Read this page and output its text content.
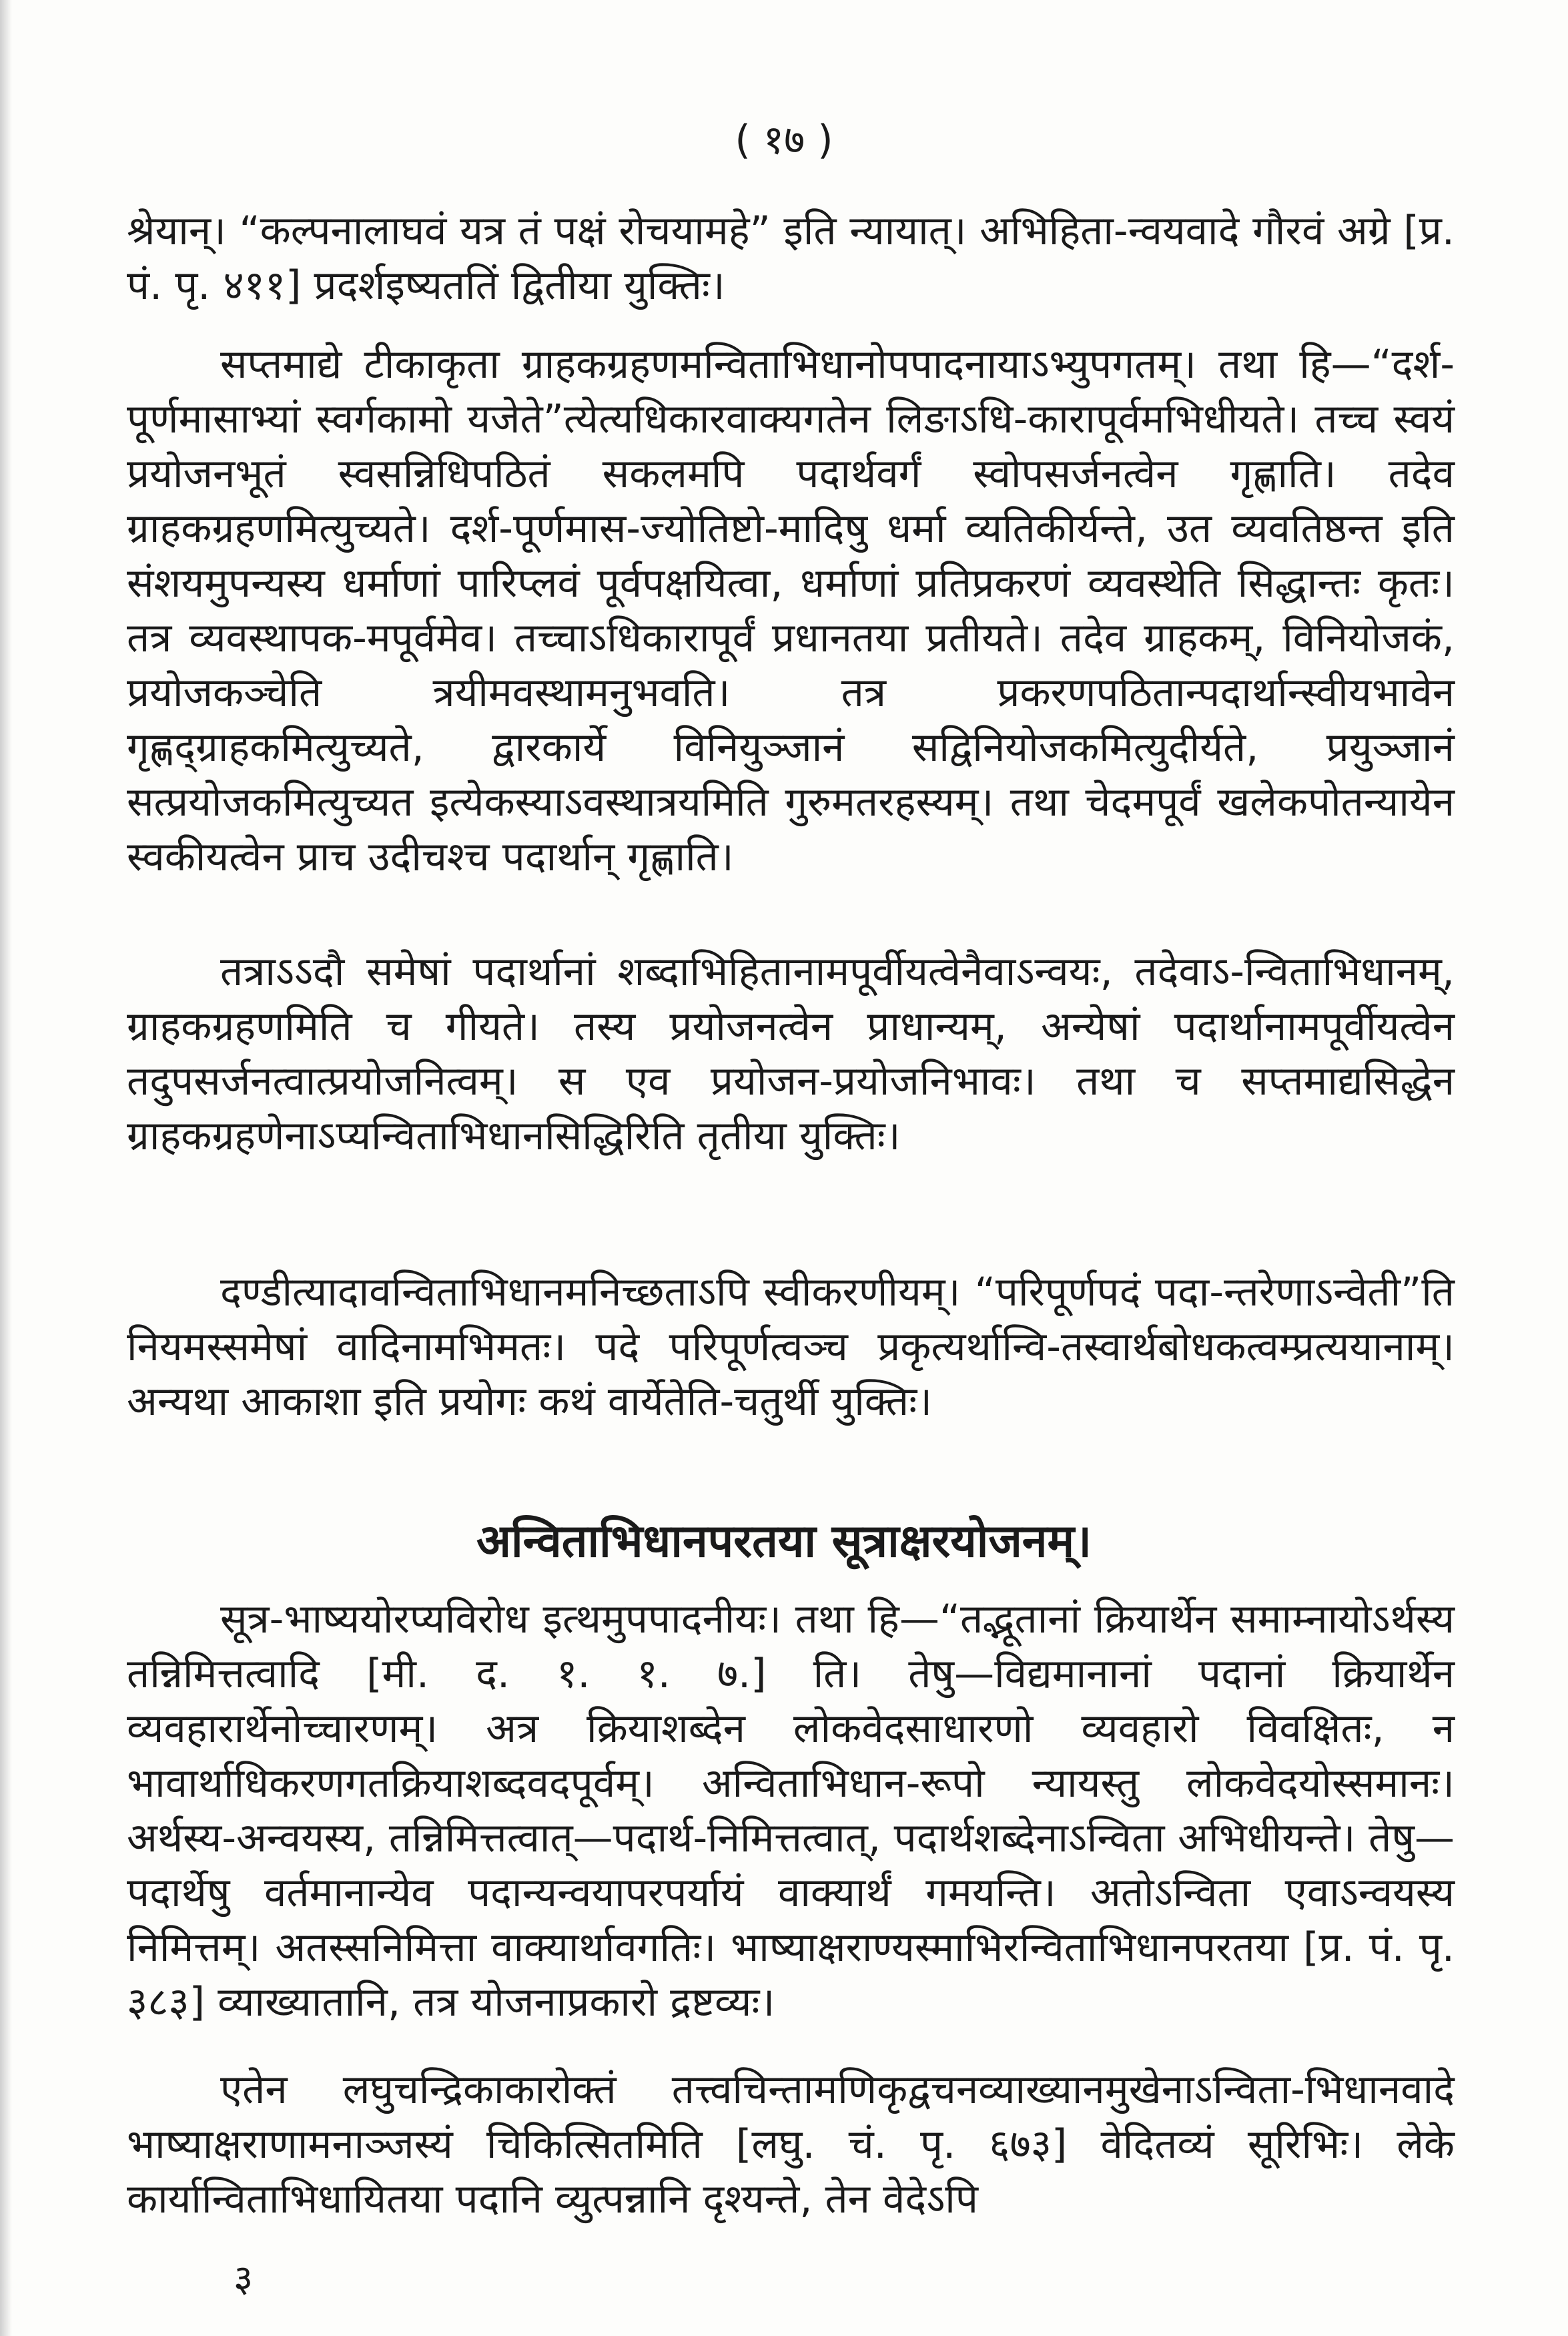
( १७ )

श्रेयान्। “कल्पनालाघवं यत्र तं पक्षं रोचयामहे” इति न्यायात्। अभिहिता-न्वयवादे गौरवं अग्रे [प्र. पं. पृ. ४११] प्रदर्शइष्यततिं द्वितीया युक्तिः।

सप्तमाद्ये टीकाकृता ग्राहकग्रहणमन्विताभिधानोपपादनायाऽभ्युपगतम्। तथा हि—“दर्श-पूर्णमासाभ्यां स्वर्गकामो यजेते”त्येत्यधिकारवाक्यगतेन लिङाऽधि-कारापूर्वमभिधीयते। तच्च स्वयं प्रयोजनभूतं स्वसन्निधिपठितं सकलमपि पदार्थवर्गं स्वोपसर्जनत्वेन गृह्णाति। तदेव ग्राहकग्रहणमित्युच्यते। दर्श-पूर्णमास-ज्योतिष्टो-मादिषु धर्मा व्यतिकीर्यन्ते, उत व्यवतिष्ठन्त इति संशयमुपन्यस्य धर्माणां पारिप्लवं पूर्वपक्षयित्वा, धर्माणां प्रतिप्रकरणं व्यवस्थेति सिद्धान्तः कृतः। तत्र व्यवस्थापक-मपूर्वमेव। तच्चाऽधिकारापूर्वं प्रधानतया प्रतीयते। तदेव ग्राहकम्, विनियोजकं, प्रयोजकञ्चेति त्रयीमवस्थामनुभवति। तत्र प्रकरणपठितान्पदार्थान्स्वीयभावेन गृह्णद्ग्राहकमित्युच्यते, द्वारकार्ये विनियुञ्जानं सद्विनियोजकमित्युदीर्यते, प्रयुञ्जानं सत्प्रयोजकमित्युच्यत इत्येकस्याऽवस्थात्रयमिति गुरुमतरहस्यम्। तथा चेदमपूर्वं खलेकपोतन्यायेन स्वकीयत्वेन प्राच उदीचश्च पदार्थान् गृह्णाति।

तत्राऽऽदौ समेषां पदार्थानां शब्दाभिहितानामपूर्वीयत्वेनैवाऽन्वयः, तदेवाऽ-न्विताभिधानम्, ग्राहकग्रहणमिति च गीयते। तस्य प्रयोजनत्वेन प्राधान्यम्, अन्येषां पदार्थानामपूर्वीयत्वेन तदुपसर्जनत्वात्प्रयोजनित्वम्। स एव प्रयोजन-प्रयोजनिभावः। तथा च सप्तमाद्यसिद्धेन ग्राहकग्रहणेनाऽप्यन्विताभिधानसिद्धिरिति तृतीया युक्तिः।

दण्डीत्यादावन्विताभिधानमनिच्छताऽपि स्वीकरणीयम्। “परिपूर्णपदं पदा-न्तरेणाऽन्वेती”ति नियमस्समेषां वादिनामभिमतः। पदे परिपूर्णत्वञ्च प्रकृत्यर्थान्वि-तस्वार्थबोधकत्वम्प्रत्ययानाम्। अन्यथा आकाशा इति प्रयोगः कथं वार्येतेति-चतुर्थी युक्तिः।

अन्विताभिधानपरतया सूत्राक्षरयोजनम्।

सूत्र-भाष्ययोरप्यविरोध इत्थमुपपादनीयः। तथा हि—“तद्भूतानां क्रियार्थेन समाम्नायोऽर्थस्य तन्निमित्तत्वादि [मी. द. १. १. ७.] ति। तेषु—विद्यमानानां पदानां क्रियार्थेन व्यवहारार्थेनोच्चारणम्। अत्र क्रियाशब्देन लोकवेदसाधारणो व्यवहारो विवक्षितः, न भावार्थाधिकरणगतक्रियाशब्दवदपूर्वम्। अन्विताभिधान-रूपो न्यायस्तु लोकवेदयोस्समानः। अर्थस्य-अन्वयस्य, तन्निमित्तत्वात्—पदार्थ-निमित्तत्वात्, पदार्थशब्देनाऽन्विता अभिधीयन्ते। तेषु—पदार्थेषु वर्तमानान्येव पदान्यन्वयापरपर्यायं वाक्यार्थं गमयन्ति। अतोऽन्विता एवाऽन्वयस्य निमित्तम्। अतस्सनिमित्ता वाक्यार्थावगतिः। भाष्याक्षराण्यस्माभिरन्विताभिधानपरतया [प्र. पं. पृ. ३८३] व्याख्यातानि, तत्र योजनाप्रकारो द्रष्टव्यः।

एतेन लघुचन्द्रिकाकारोक्तं तत्त्वचिन्तामणिकृद्वचनव्याख्यानमुखेनाऽन्विता-भिधानवादे भाष्याक्षराणामनाञ्जस्यं चिकित्सितमिति [लघु. चं. पृ. ६७३] वेदितव्यं सूरिभिः। लेके कार्यान्विताभिधायितया पदानि व्युत्पन्नानि दृश्यन्ते, तेन वेदेऽपि

३
